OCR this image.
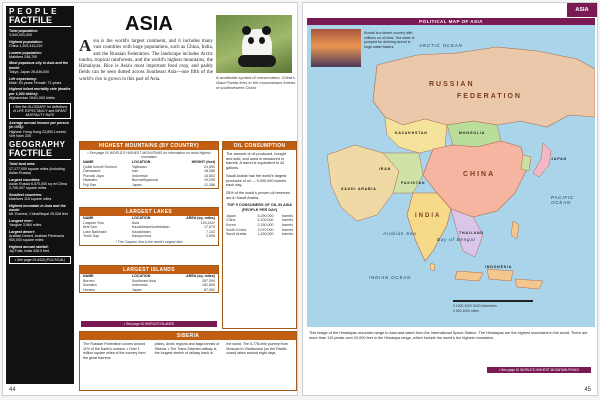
PEOPLE
FACTFILE
Total population:
3,540,000,000
Highest population:
China 1,202,410,210
Lowest population:
Maldives 248,700
Most populous city in Asia and the world:
Tokyo, Japan 26,836,000
Life expectancy:
Male: 63 years Female: 71 years
Highest infant mortality rate (deaths per 1,000 births):
Afghanistan 154/1,000 births
• See the GLOSSARY for definitions of LIFE EXPECTANCY and INFANT MORTALITY RATE
Average annual income per person (in US$):
Highest: Hong Kong 23,892 Lowest: Viet Nam 205
GEOGRAPHY
FACTFILE
Total land area:
17,177,000 square miles (including Asian Russia)
Largest countries:
Asian Russia 6,570,000 sq mi China 3,705,407 square miles
Smallest countries:
Maldives 115 square miles
Highest mountain in Asia and the world:
Mt. Everest, China/Nepal 29,028 feet
Longest river:
Yangtze 3,964 miles
Largest desert:
Arabian Desert, Arabian Peninsula 900,000 square miles
Highest annual rainfall:
Jaj Fulla, India 428.9 feet
• See page 29 ASIA (POLITICAL)
ASIA
Asia is the world's largest continent, and it includes many vast countries with huge populations, such as China, India, and the Russian Federation. The landscape includes Arctic tundra, tropical rainforests, and the world's highest mountains, the Himalayas. Rice is Asia's most important food crop, and paddy fields can be seen dotted across Southeast Asia—one fifth of the world's rice is grown in this part of Asia.	A worldwide symbol of conservation, China's Giant Panda lives in the mountainous forests of southwestern China.
HIGHEST MOUNTAINS (BY COUNTRY)
• See page 10 WORLD'S HIGHEST MOUNTAINS for information on world highest mountains
NAME	LOCATION	HEIGHT (feet)
Qullai Ismoili Somoni	Tajikistan	24,590
Damavand	Iran	18,386
Puncak Jaya	Indonesia	16,503
Hkakabo	Burma/Myanmar	19,295
Fuji San	Japan	12,388
LARGEST LAKES
NAME	LOCATION	AREA (sq. miles)
Caspian Sea	Asia	143,244*
Aral Sea	Kazakhstan/Uzbekistan	17,870
Lake Balkhash	Kazakhstan	7,143
Tonle Sap	Kampuchea	2,599
* The Caspian Sea is the world's largest lake
LARGEST ISLANDS
NAME	LOCATION	AREA (sq. miles)
Borneo	Southeast Asia	287,399
Sumatra	Indonesia	182,859
Honshu	Japan	87,992
• See page 10 WORLD'S ISLANDS
OIL CONSUMPTION

The amount of oil produced, bought and sold, and used is measured in barrels. A barrel is equivalent to 42 gallons.

Saudi Arabia has the world's largest produces of oil — 9,000,000 barrels each day.

25% of the world's proven oil reserves are in Saudi Arabia.

TOP 5 CONSUMERS OF OIL IN ASIA (PEOPLE PER DAY)
Japan	5,290,000	barrels
China	4,100,000	barrels
Korea	2,150,000	barrels
South Korea	2,070,000	barrels
Saudi Arabia	1,430,000	barrels
SIBERIA

The Russian Federation covers around 11% of the Earth's surface. • Over 1 million square miles of the country form the great barrens

plains, Arctic regions and taiga forests of Siberia. • The Trans-Siberian railway is the longest stretch of railway track in

the world. The 5,778-mile journey from Moscow to Vladivostok (on the Pacific coast) takes around eight days.

44
ASIA
POLITICAL MAP OF ASIA
Kuwait is a desert country with millions on oil tank. Tea water is pumped for drinking stored in huge water towers.	ARCTIC OCEAN
RUSSIAN
FEDERATION
KAZAKHSTAN	MONGOLIA
CHINA
INDIA
IRAN
PAKISTAN
SAUDI ARABIA
THAILAND
JAPAN
INDONESIA
Arabian Sea
Bay of Bengal
INDIAN OCEAN
PACIFIC OCEAN
0 1000 2000 3000 kilometres
0 500 1000 miles
This image of the Himalayas mountain range in Asia was taken from the International Space Station. The Himalayas are the highest mountains in the world. There are more than 110 peaks over 24,000 feet in the Himalaya range, which include the world's ten highest mountains.
• See page 10 WORLD'S HIGHEST MOUNTAIN PEAKS
45
